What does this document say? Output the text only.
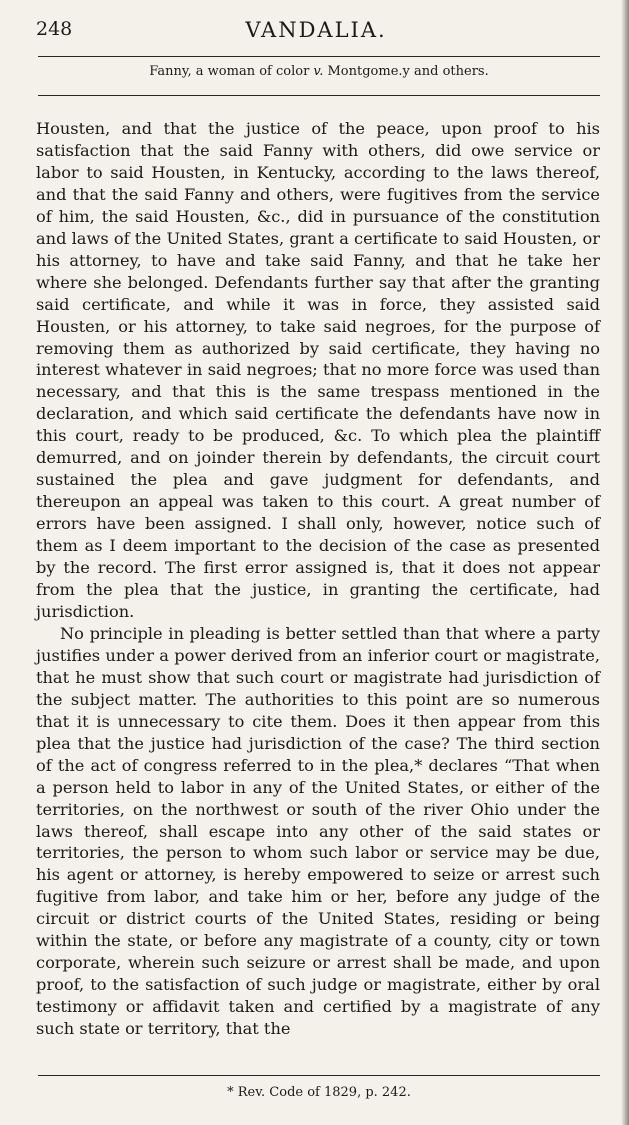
248	VANDALIA.
Fanny, a woman of color v. Montgome.y and others.

Housten, and that the justice of the peace, upon proof to his satisfaction that the said Fanny with others, did owe service or labor to said Housten, in Kentucky, according to the laws thereof, and that the said Fanny and others, were fugitives from the service of him, the said Housten, &c., did in pursuance of the constitution and laws of the United States, grant a certificate to said Housten, or his attorney, to have and take said Fanny, and that he take her where she belonged. Defendants further say that after the granting said certificate, and while it was in force, they assisted said Housten, or his attorney, to take said negroes, for the purpose of removing them as authorized by said certificate, they having no interest whatever in said negroes; that no more force was used than necessary, and that this is the same trespass mentioned in the declaration, and which said certificate the defendants have now in this court, ready to be produced, &c. To which plea the plaintiff demurred, and on joinder therein by defendants, the circuit court sustained the plea and gave judgment for defendants, and thereupon an appeal was taken to this court. A great number of errors have been assigned. I shall only, however, notice such of them as I deem important to the decision of the case as presented by the record. The first error assigned is, that it does not appear from the plea that the justice, in granting the certificate, had jurisdiction.

No principle in pleading is better settled than that where a party justifies under a power derived from an inferior court or magistrate, that he must show that such court or magistrate had jurisdiction of the subject matter. The authorities to this point are so numerous that it is unnecessary to cite them. Does it then appear from this plea that the justice had jurisdiction of the case? The third section of the act of congress referred to in the plea,* declares “That when a person held to labor in any of the United States, or either of the territories, on the northwest or south of the river Ohio under the laws thereof, shall escape into any other of the said states or territories, the person to whom such labor or service may be due, his agent or attorney, is hereby empowered to seize or arrest such fugitive from labor, and take him or her, before any judge of the circuit or district courts of the United States, residing or being within the state, or before any magistrate of a county, city or town corporate, wherein such seizure or arrest shall be made, and upon proof, to the satisfaction of such judge or magistrate, either by oral testimony or affidavit taken and certified by a magistrate of any such state or territory, that the

* Rev. Code of 1829, p. 242.
